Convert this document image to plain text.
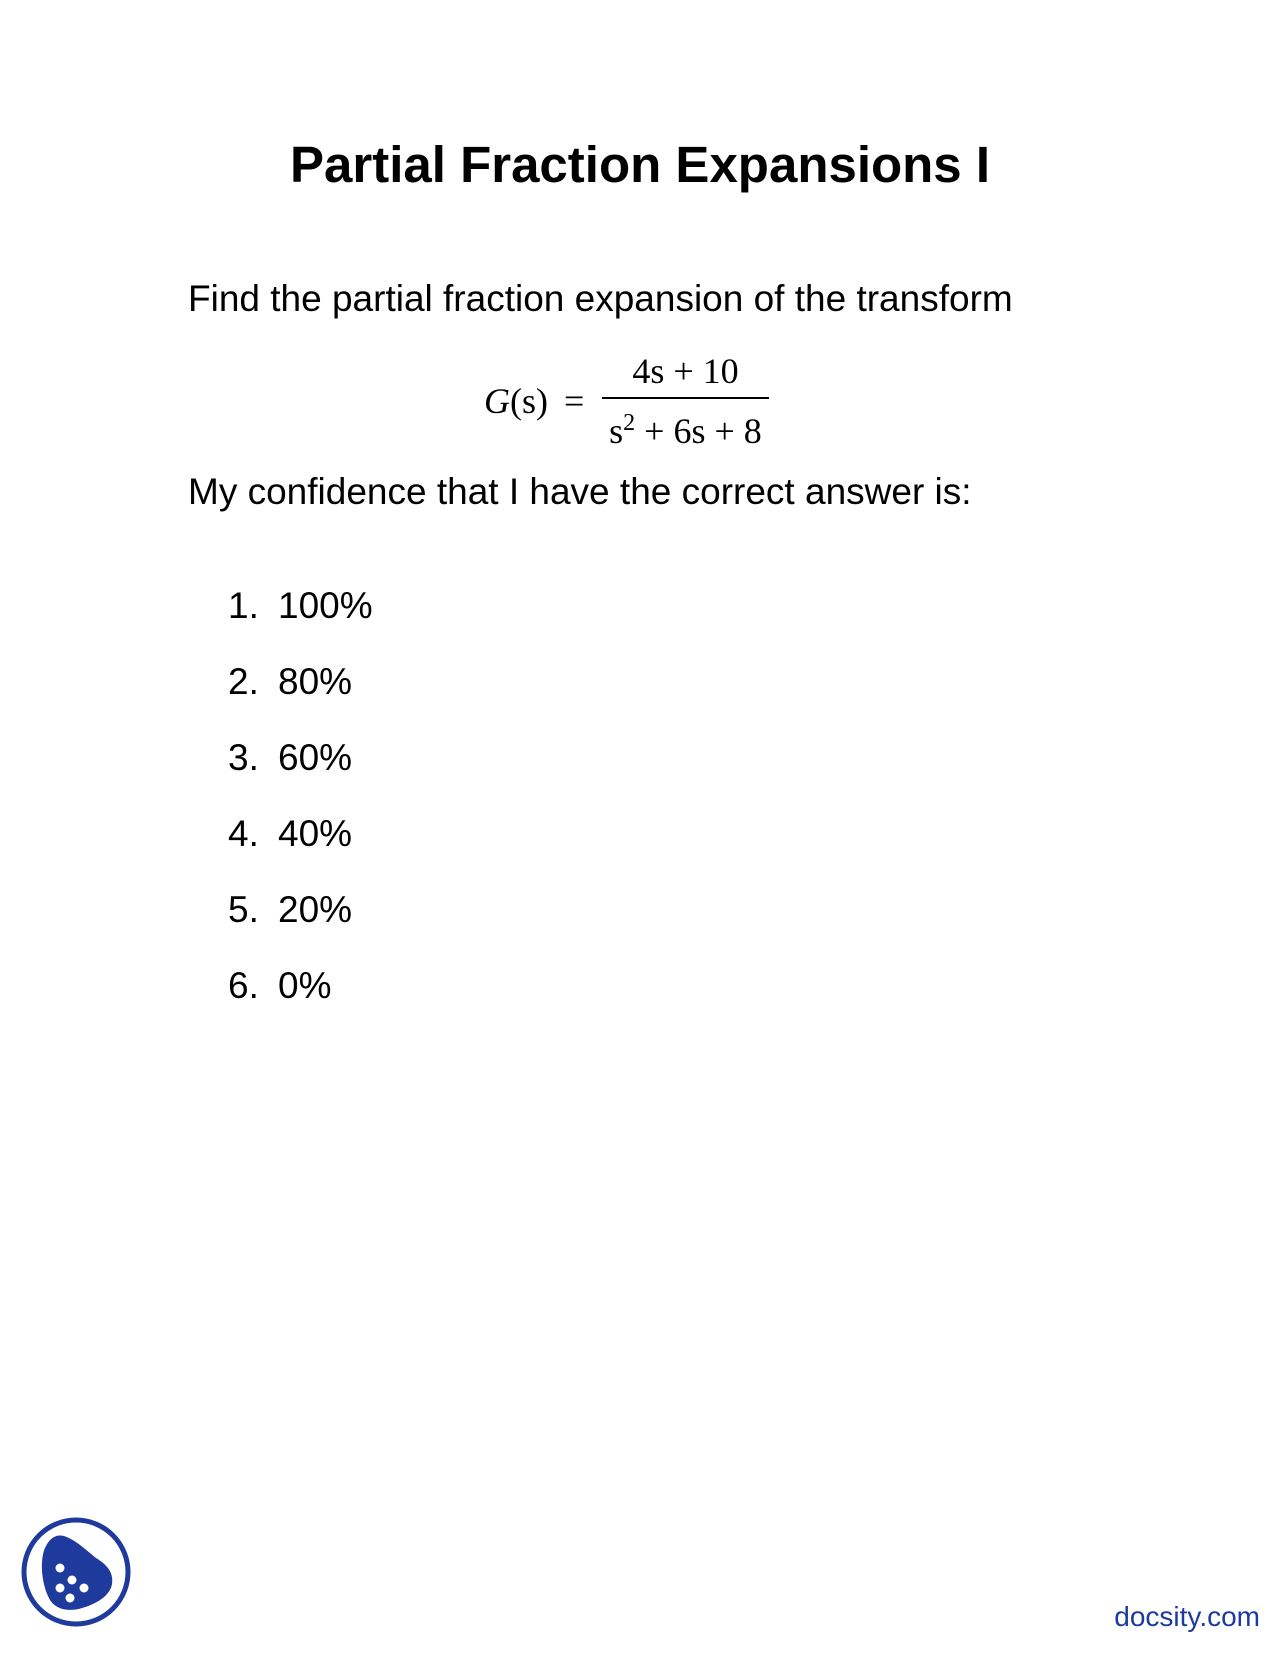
Partial Fraction Expansions I

Find the partial fraction expansion of the transform

$G(s) = \frac{4s + 10}{s^2 + 6s + 8}$

My confidence that I have the correct answer is:

1. 100%
2. 80%
3. 60%
4. 40%
5. 20%
6. 0%
docsity.com
